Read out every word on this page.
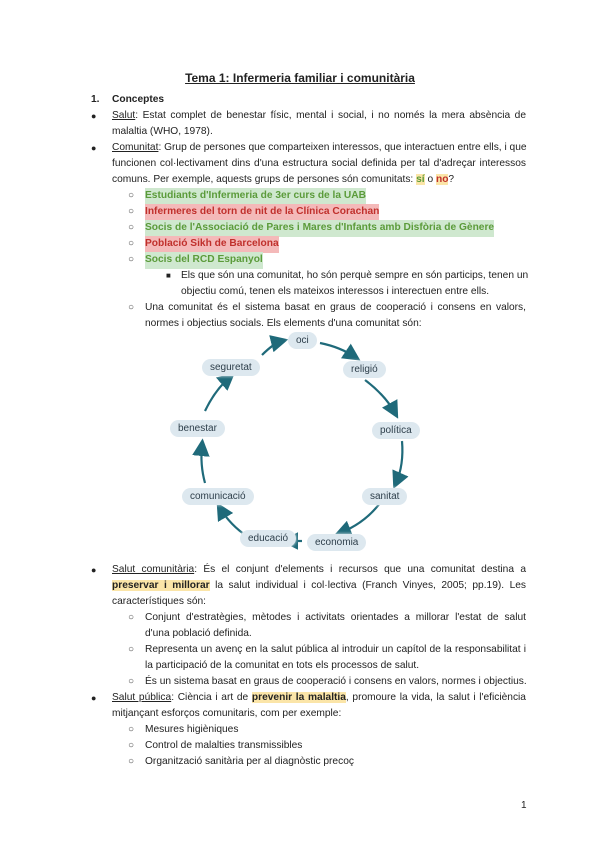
Tema 1: Infermeria familiar i comunitària
1. Conceptes
● Salut: Estat complet de benestar físic, mental i social, i no només la mera absència de
malaltia (WHO, 1978).
● Comunitat: Grup de persones que comparteixen interessos, que interactuen entre ells, i que
funcionen col·lectivament dins d'una estructura social definida per tal d'adreçar interessos
comuns. Per exemple, aquests grups de persones són comunitats: sí o no?
○ Estudiants d'Infermeria de 3er curs de la UAB
○ Infermeres del torn de nit de la Clínica Corachan
○ Socis de l'Associació de Pares i Mares d'Infants amb Disfòria de Gènere
○ Població Sikh de Barcelona
○ Socis del RCD Espanyol
■ Els que són una comunitat, ho són perquè sempre en són particips, tenen un
objectiu comú, tenen els mateixos interessos i interectuen entre ells.
○ Una comunitat és el sistema basat en graus de cooperació i consens en valors,
normes i objectius socials. Els elements d'una comunitat són:
oci
religió
política
sanitat
economia
educació
comunicació
benestar
seguretat
● Salut comunitària: És el conjunt d'elements i recursos que una comunitat destina a
preservar i millorar la salut individual i col·lectiva (Franch Vinyes, 2005; pp.19). Les
característiques són:
○ Conjunt d'estratègies, mètodes i activitats orientades a millorar l'estat de salut
d'una població definida.
○ Representa un avenç en la salut pública al introduir un capítol de la responsabilitat i
la participació de la comunitat en tots els processos de salut.
○ És un sistema basat en graus de cooperació i consens en valors, normes i objectius.
● Salut pública: Ciència i art de prevenir la malaltia, promoure la vida, la salut i l'eficiència
mitjançant esforços comunitaris, com per exemple:
○ Mesures higièniques
○ Control de malalties transmissibles
○ Organització sanitària per al diagnòstic precoç
1
